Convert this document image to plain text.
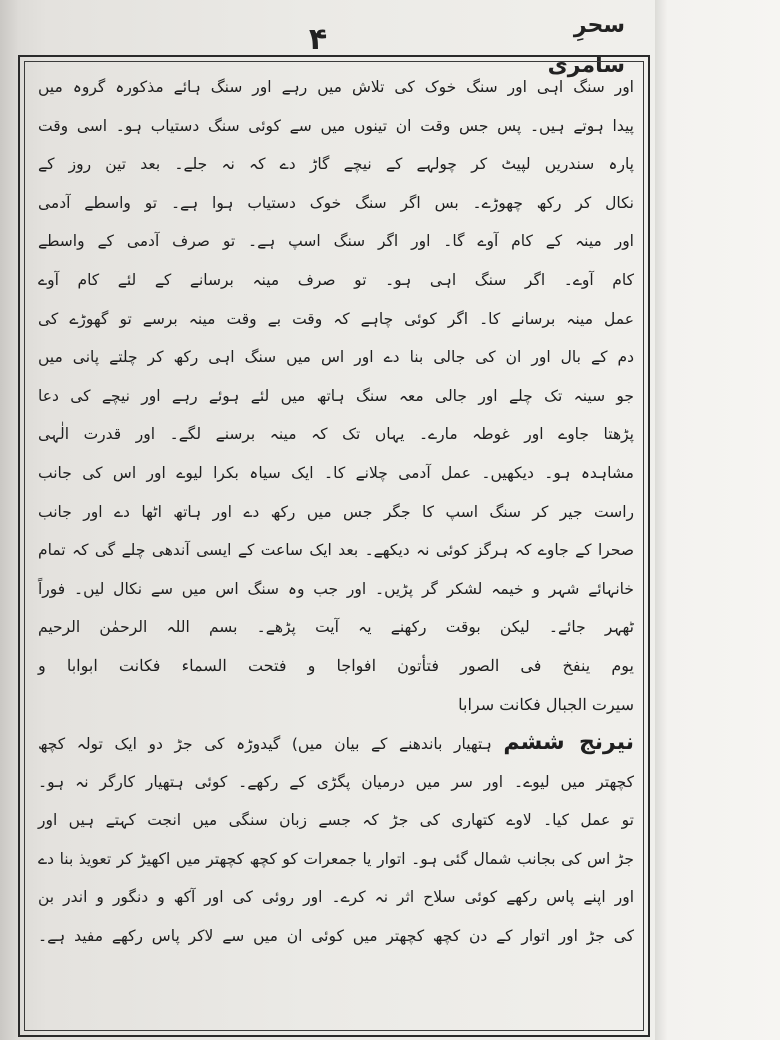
سحرِ سامری
۴
اور سنگ اہی اور سنگ خوک کی تلاش میں رہے اور سنگ ہائے مذکورہ گروہ میں
پیدا ہوتے ہیں۔ پس جس وقت ان تینوں میں سے کوئی سنگ دستیاب ہو۔ اسی وقت
پارہ سندریں لپیٹ کر چولہے کے نیچے گاڑ دے کہ نہ جلے۔ بعد تین روز کے
نکال کر رکھ چھوڑے۔ بس اگر سنگ خوک دستیاب ہوا ہے۔ تو واسطے آدمی
اور مینہ کے کام آوے گا۔ اور اگر سنگ اسپ ہے۔ تو صرف آدمی کے واسطے
کام آوے۔ اگر سنگ اہی ہو۔ تو صرف مینہ برسانے کے لئے کام آوے
عمل مینہ برسانے کا۔ اگر کوئی چاہے کہ وقت بے وقت مینہ برسے تو گھوڑے کی
دم کے بال اور ان کی جالی بنا دے اور اس میں سنگ اہی رکھ کر چلتے پانی میں
جو سینہ تک چلے اور جالی معہ سنگ ہاتھ میں لئے ہوئے رہے اور نیچے کی دعا
پڑھتا جاوے اور غوطہ مارے۔ یہاں تک کہ مینہ برسنے لگے۔ اور قدرت الٰہی
مشاہدہ ہو۔ دیکھیں۔ عمل آدمی چلانے کا۔ ایک سیاہ بکرا لیوے اور اس کی جانب
راست جیر کر سنگ اسپ کا جگر جس میں رکھ دے اور ہاتھ اٹھا دے اور جانب
صحرا کے جاوے کہ ہرگز کوئی نہ دیکھے۔ بعد ایک ساعت کے ایسی آندھی چلے گی کہ تمام
خانہائے شہر و خیمہ لشکر گر پڑیں۔ اور جب وہ سنگ اس میں سے نکال لیں۔ فوراً
ٹھہر جائے۔ لیکن بوقت رکھنے یہ آیت پڑھے۔ بسم اللہ الرحمٰن الرحیم
یوم ینفخ فی الصور فتأتون افواجا و فتحت السماء فکانت ابوابا و
سیرت الجبال فکانت سرابا
نیرنج ششم ہتھیار باندھنے کے بیان میں) گیدوڑہ کی جڑ دو ایک تولہ کچھ
کچھتر میں لیوے۔ اور سر میں درمیان پگڑی کے رکھے۔ کوئی ہتھیار کارگر نہ ہو۔
تو عمل کیا۔ لاوے کتھاری کی جڑ کہ جسے زبان سنگی میں انجت کہتے ہیں اور
جڑ اس کی بجانب شمال گئی ہو۔ اتوار یا جمعرات کو کچھ کچھتر میں اکھیڑ کر تعویذ بنا دے
اور اپنے پاس رکھے کوئی سلاح اثر نہ کرے۔ اور روئی کی اور آکھ و دنگور و اندر بن
کی جڑ اور اتوار کے دن کچھ کچھتر میں کوئی ان میں سے لاکر پاس رکھے مفید ہے۔
